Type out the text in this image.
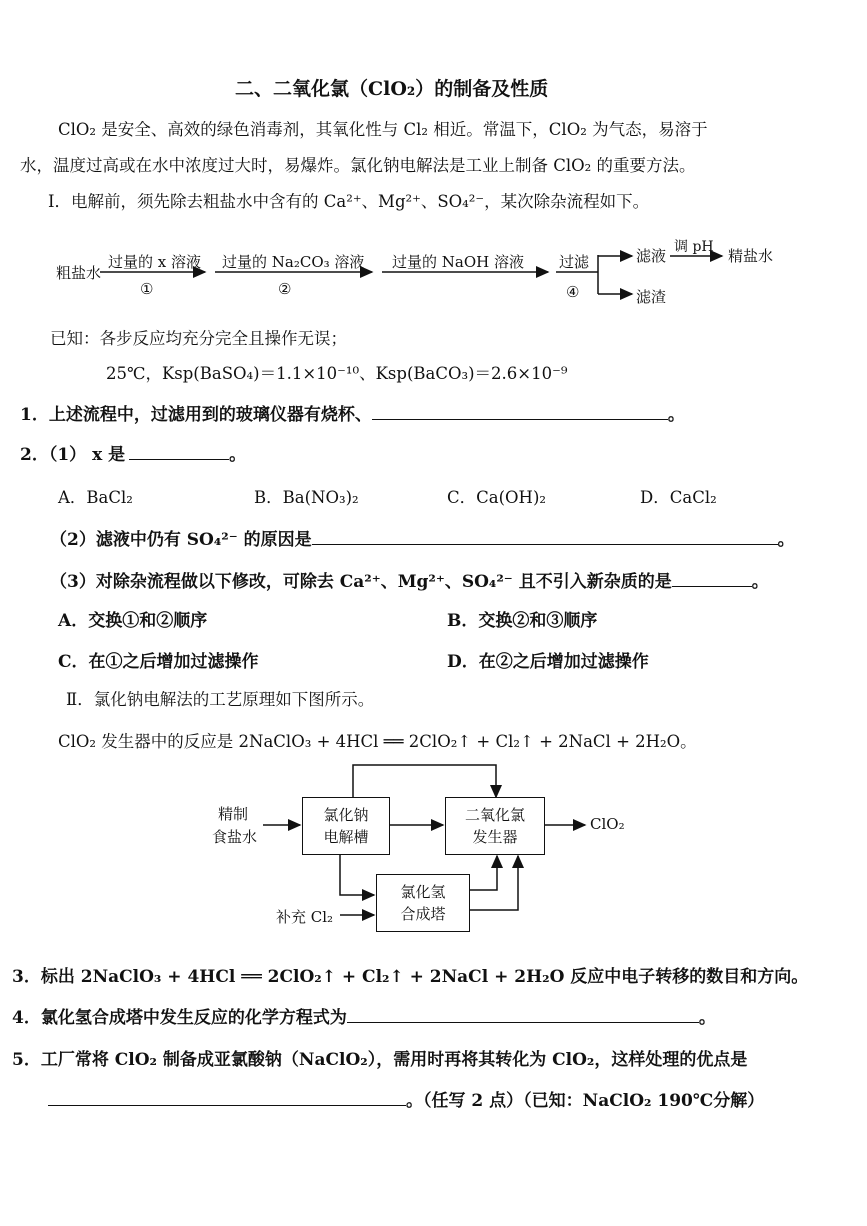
二、二氧化氯（ClO₂）的制备及性质
ClO₂ 是安全、高效的绿色消毒剂，其氧化性与 Cl₂ 相近。常温下，ClO₂ 为气态，易溶于
水，温度过高或在水中浓度过大时，易爆炸。氯化钠电解法是工业上制备 ClO₂ 的重要方法。
Ⅰ．电解前，须先除去粗盐水中含有的 Ca²⁺、Mg²⁺、SO₄²⁻，某次除杂流程如下。
粗盐水
过量的 x 溶液
①
过量的 Na₂CO₃ 溶液
②
过量的 NaOH 溶液 过滤
④
滤液 调 pH 精盐水
滤渣
已知：各步反应均充分完全且操作无误；
25℃，Ksp(BaSO₄)＝1.1×10⁻¹⁰、Ksp(BaCO₃)＝2.6×10⁻⁹
1．上述流程中，过滤用到的玻璃仪器有烧杯、	。
2．（1） x 是	。
A．BaCl₂	B．Ba(NO₃)₂	C．Ca(OH)₂	D．CaCl₂
（2）滤液中仍有 SO₄²⁻ 的原因是	。
（3）对除杂流程做以下修改，可除去 Ca²⁺、Mg²⁺、SO₄²⁻ 且不引入新杂质的是	。
A．交换①和②顺序	B．交换②和③顺序
C．在①之后增加过滤操作	D．在②之后增加过滤操作
Ⅱ．氯化钠电解法的工艺原理如下图所示。
ClO₂ 发生器中的反应是 2NaClO₃ + 4HCl ══ 2ClO₂↑ + Cl₂↑ + 2NaCl + 2H₂O。
精制
食盐水
氯化钠
电解槽
二氧化氯
发生器
ClO₂
氯化氢
合成塔
补充 Cl₂
3．标出 2NaClO₃ + 4HCl ══ 2ClO₂↑ + Cl₂↑ + 2NaCl + 2H₂O 反应中电子转移的数目和方向。
4．氯化氢合成塔中发生反应的化学方程式为	。
5．工厂常将 ClO₂ 制备成亚氯酸钠（NaClO₂），需用时再将其转化为 ClO₂，这样处理的优点是
。（任写 2 点）（已知：NaClO₂ 190℃分解）
